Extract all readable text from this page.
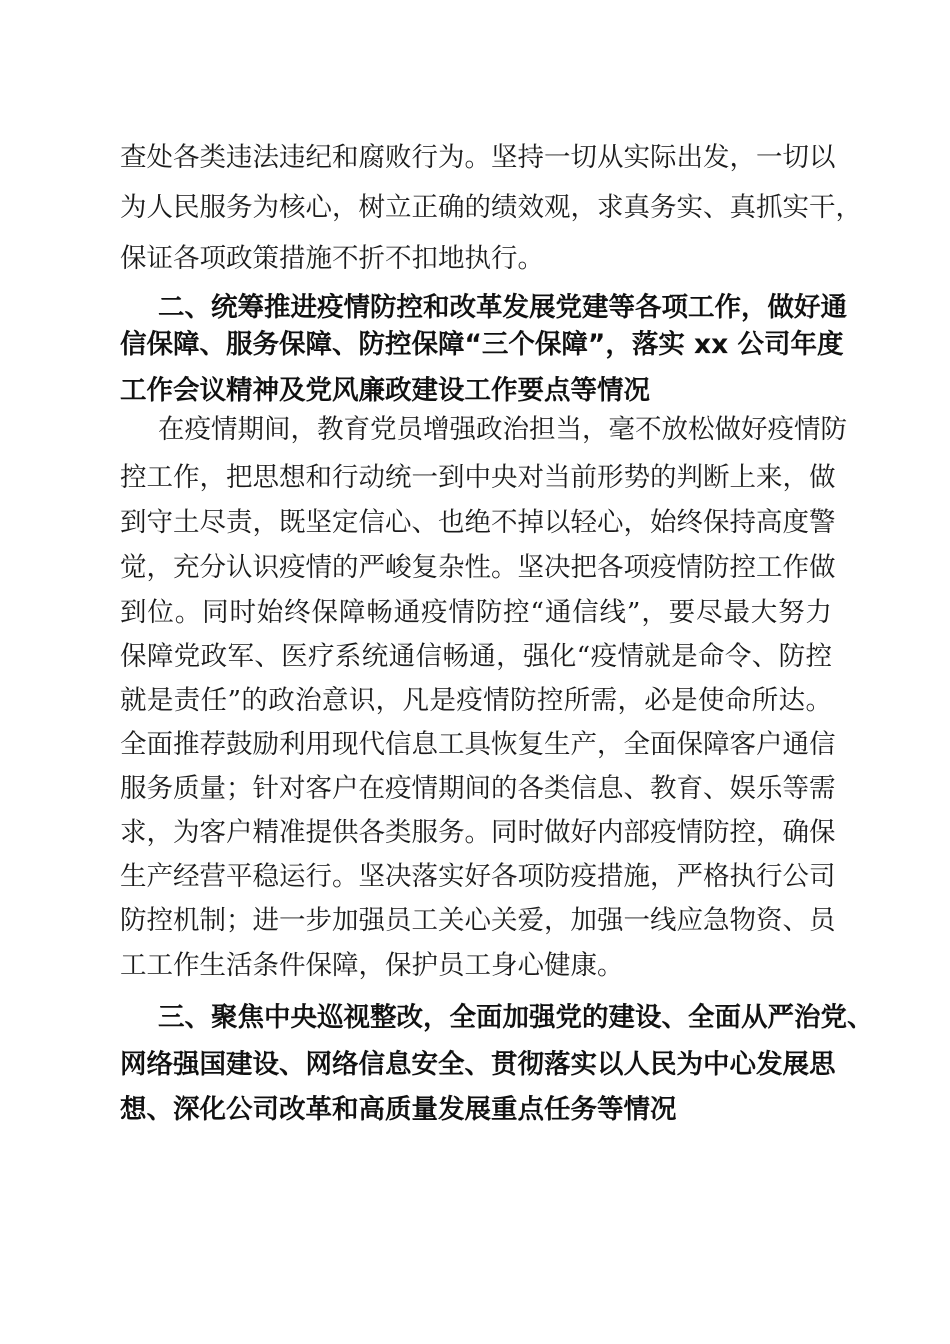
查处各类违法违纪和腐败行为。坚持一切从实际出发，一切以
为人民服务为核心，树立正确的绩效观，求真务实、真抓实干，
保证各项政策措施不折不扣地执行。
二、统筹推进疫情防控和改革发展党建等各项工作，做好通
信保障、服务保障、防控保障“三个保障”，落实 xx 公司年度
工作会议精神及党风廉政建设工作要点等情况
在疫情期间，教育党员增强政治担当，毫不放松做好疫情防
控工作，把思想和行动统一到中央对当前形势的判断上来，做
到守土尽责，既坚定信心、也绝不掉以轻心，始终保持高度警
觉，充分认识疫情的严峻复杂性。坚决把各项疫情防控工作做
到位。同时始终保障畅通疫情防控“通信线”，要尽最大努力
保障党政军、医疗系统通信畅通，强化“疫情就是命令、防控
就是责任”的政治意识，凡是疫情防控所需，必是使命所达。
全面推荐鼓励利用现代信息工具恢复生产，全面保障客户通信
服务质量；针对客户在疫情期间的各类信息、教育、娱乐等需
求，为客户精准提供各类服务。同时做好内部疫情防控，确保
生产经营平稳运行。坚决落实好各项防疫措施，严格执行公司
防控机制；进一步加强员工关心关爱，加强一线应急物资、员
工工作生活条件保障，保护员工身心健康。
三、聚焦中央巡视整改，全面加强党的建设、全面从严治党、
网络强国建设、网络信息安全、贯彻落实以人民为中心发展思
想、深化公司改革和高质量发展重点任务等情况
